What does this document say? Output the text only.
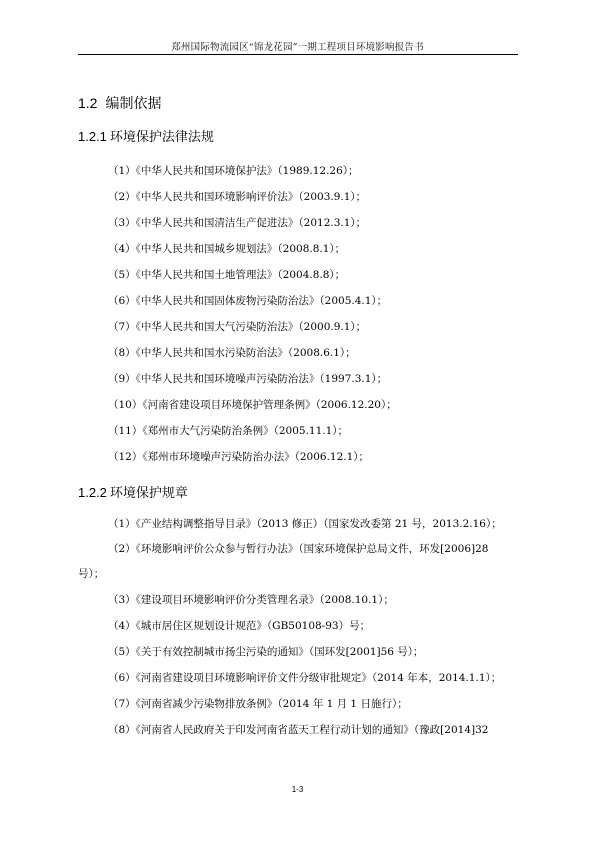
郑州国际物流园区“锦龙花园”一期工程项目环境影响报告书
1.2 编制依据
1.2.1 环境保护法律法规
（1）《中华人民共和国环境保护法》（1989.12.26）；
（2）《中华人民共和国环境影响评价法》（2003.9.1）；
（3）《中华人民共和国清洁生产促进法》（2012.3.1）；
（4）《中华人民共和国城乡规划法》（2008.8.1）；
（5）《中华人民共和国土地管理法》（2004.8.8）；
（6）《中华人民共和国固体废物污染防治法》（2005.4.1）；
（7）《中华人民共和国大气污染防治法》（2000.9.1）；
（8）《中华人民共和国水污染防治法》（2008.6.1）；
（9）《中华人民共和国环境噪声污染防治法》（1997.3.1）；
（10）《河南省建设项目环境保护管理条例》（2006.12.20）；
（11）《郑州市大气污染防治条例》（2005.11.1）；
（12）《郑州市环境噪声污染防治办法》（2006.12.1）；
1.2.2 环境保护规章
（1）《产业结构调整指导目录》（2013 修正）（国家发改委第 21 号，2013.2.16）；
（2）《环境影响评价公众参与暂行办法》（国家环境保护总局文件，环发[2006]28 号）；
（3）《建设项目环境影响评价分类管理名录》（2008.10.1）；
（4）《城市居住区规划设计规范》（GB50108-93）号；
（5）《关于有效控制城市扬尘污染的通知》（国环发[2001]56 号）；
（6）《河南省建设项目环境影响评价文件分级审批规定》（2014 年本，2014.1.1）；
（7）《河南省减少污染物排放条例》（2014 年 1 月 1 日施行）；
（8）《河南省人民政府关于印发河南省蓝天工程行动计划的通知》（豫政[2014]32
1-3
